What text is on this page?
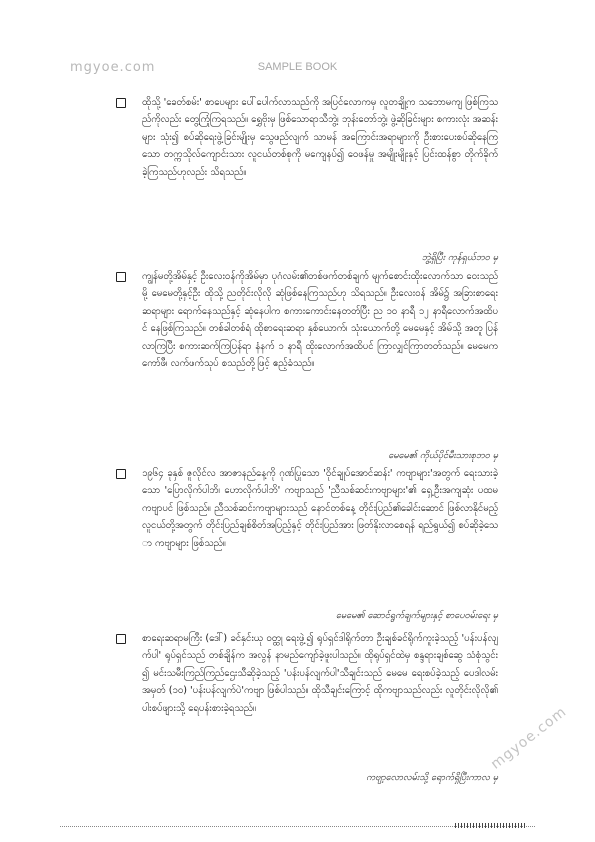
mgyoe.com	SAMPLE BOOK
ထိုသို့ 'ခေတ်စမ်း' စာပေများ ပေါ်ပေါက်လာသည်ကို အပြင်လောကမှ လူတချို့က သဘောမကျ ဖြစ်ကြသည်ကိုလည်း တွေ့ကြုံကြရသည်။ ရွှေဗိုးမှ ဖြစ်သောရာသီဘွဲ့၊ ဘုန်းတော်ဘွဲ့၊ ဖွဲ့ဆိုခြင်းများ စကားလုံး အဆန်းများ သုံး၍ စပ်ဆိုရေးဖွဲ့ခြင်းမျိုးမှ သွေဖည်လျက် သာမန် အကြောင်းအရာများကို ဦးစားပေးစပ်ဆိုနေကြသော တက္ကသိုလ်ကျောင်းသား လူငယ်တစ်စုကို မကျေနပ်၍ ဝေဖန်မှု အမျိုးမျိုးနှင့် ပြင်းထန်စွာ တိုက်ခိုက်ခဲ့ကြသည်ဟုလည်း သိရသည်။
ဘွဲ့ရှိပြီး ကုန်ရှယ်ဘဝ မှ
ကျွန်မတို့အိမ်နှင့် ဦးလေးဝန်ကိုအိမ်မှာ ပုဂံလမ်း၏တစ်ဖက်တစ်ချက် မျက်စောင်းထိုးလောက်သာ ဝေးသည်မို့ မေမေတို့နှင့်ဦး ထိုသို့ ညတိုင်းလိုလို ဆုံဖြစ်နေကြသည်ဟု သိရသည်။ ဦးလေးဝန် အိမ်၌ အခြားစာရေးဆရာများ ရောက်နေသည်နှင့် ဆုံနေပါက စကားကောင်းနေတတ်ပြီး ည ၁၀ နာရီ ၁၂ နာရီလောက်အထိပင် နေဖြစ်ကြသည်။ တစ်ခါတစ်ရံ ထိုစာရေးဆရာ နှစ်ယောက်၊ သုံးယောက်တို့ မေမေနှင့် အိမ်သို့ အတူ ပြန်လာကြပြီး စကားဆက်ကြပြန်ရာ နံနက် ၁ နာရီ ထိုးလောက်အထိပင် ကြာလျှင်ကြာတတ်သည်။ မေမေကကော်ဖီ၊ လက်ဖက်သုပ် စသည်တို့ဖြင့် ဧည့်ခံသည်။
မေမေ၏ ကိုယ်ပိုင်မီးသားစုဘဝ မှ
၁၉၆၄ ခုနှစ် ဇူလိုင်လ အာဇာနည်နေ့ကို ဂုဏ်ပြုသော 'ဝိုင်ချုပ်အောင်ဆန်း' ကဗျာများ'အတွက် ရေးသားခဲ့သော 'ပြောလိုက်ပါဘိ၊ ဟောလိုက်ပါဘိ' ကဗျာသည် 'ညီသစ်ဆင်းကဗျာများ'၏ ရှေ့ဦးအကျဆုံး ပထမကဗျာပင် ဖြစ်သည်။ ညီသစ်ဆင်းကဗျာများသည် နောင်တစ်နေ့ တိုင်းပြည်၏ခေါင်းဆောင် ဖြစ်လာနိုင်မည့် လူငယ်တို့အတွက် တိုင်းပြည်ချစ်စိတ်အပြည့်နှင့် တိုင်းပြည်အား ဖြတ်နိုးလာစေရန် ရည်ရွယ်၍ စပ်ဆိုခဲ့သော ကဗျာများ ဖြစ်သည်။
မေမေ၏ ဆောင်ရွက်ချက်များနှင့် စာပေဝမ်းရေး မှ
စာရေးဆရာမကြီး (ဒေါ်) ခင်နှင်းယု ဝတ္ထု ရေးဖွဲ့၍ ရုပ်ရှင်ဒါရိုက်တာ ဦးချစ်ခင်ရိုက်ကူးခဲ့သည့် 'ပန်းပန်လျက်ပါ' ရုပ်ရှင်သည် တစ်ချိန်က အလွန် နာမည်ကျော်ခဲ့ဖူးပါသည်။ ထိုရုပ်ရှင်ထဲမှ စန္ဒရားချစ်ဆွေ သံစုံသွင်း၍ မင်းသမီးကြည်ကြည်ဌေးသီဆိုခဲ့သည့် 'ပန်းပန်လျက်ပါ'သီချင်းသည် မေမေ ရေးစပ်ခဲ့သည့် ပေဒါလမ်းအမှတ် (၁၀) 'ပန်းပန်လျက်ပဲ'ကဗျာ ဖြစ်ပါသည်။ ထိုသီချင်းကြောင့် ထိုကဗျာသည်လည်း လူတိုင်းလိုလို၏ ပါးစပ်ဖျားသို့ ရေပန်းစားခဲ့ရသည်။
ကဗျာ့လောလမ်းသို့ ရောက်ရှိပြီးကာလ မှ
mgyoe.com
